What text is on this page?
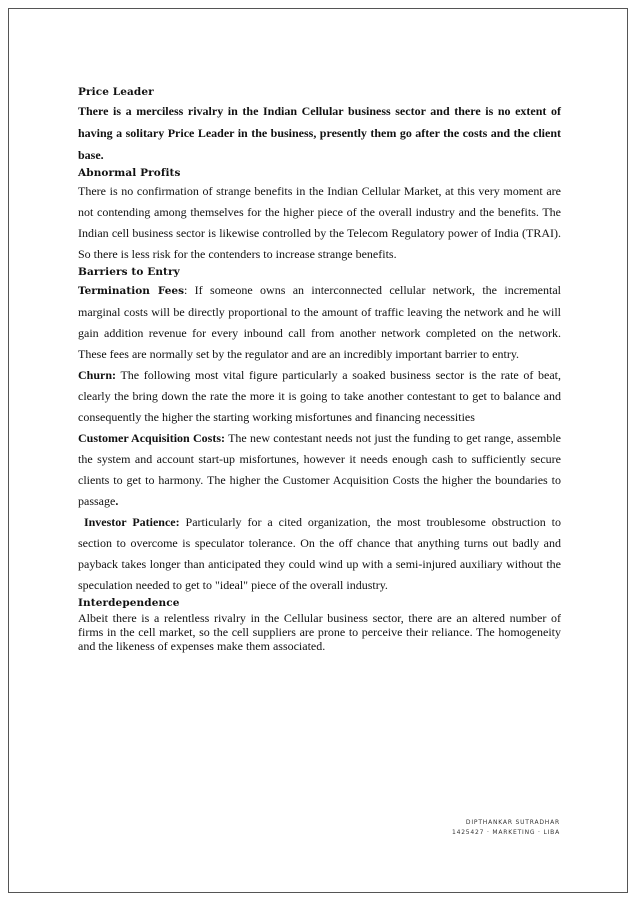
Price Leader

There is a merciless rivalry in the Indian Cellular business sector and there is no extent of having a solitary Price Leader in the business, presently them go after the costs and the client base.

Abnormal Profits

There is no confirmation of strange benefits in the Indian Cellular Market, at this very moment are not contending among themselves for the higher piece of the overall industry and the benefits. The Indian cell business sector is likewise controlled by the Telecom Regulatory power of India (TRAI). So there is less risk for the contenders to increase strange benefits.

Barriers to Entry

Termination Fees: If someone owns an interconnected cellular network, the incremental marginal costs will be directly proportional to the amount of traffic leaving the network and he will gain addition revenue for every inbound call from another network completed on the network. These fees are normally set by the regulator and are an incredibly important barrier to entry.

Churn: The following most vital figure particularly a soaked business sector is the rate of beat, clearly the bring down the rate the more it is going to take another contestant to get to balance and consequently the higher the starting working misfortunes and financing necessities

Customer Acquisition Costs: The new contestant needs not just the funding to get range, assemble the system and account start-up misfortunes, however it needs enough cash to sufficiently secure clients to get to harmony. The higher the Customer Acquisition Costs the higher the boundaries to passage.

Investor Patience: Particularly for a cited organization, the most troublesome obstruction to section to overcome is speculator tolerance. On the off chance that anything turns out badly and payback takes longer than anticipated they could wind up with a semi-injured auxiliary without the speculation needed to get to "ideal" piece of the overall industry.

Interdependence

Albeit there is a relentless rivalry in the Cellular business sector, there are an altered number of firms in the cell market, so the cell suppliers are prone to perceive their reliance. The homogeneity and the likeness of expenses make them associated.

DIPTHANKAR SUTRADHAR
1425427 · MARKETING · LIBA
